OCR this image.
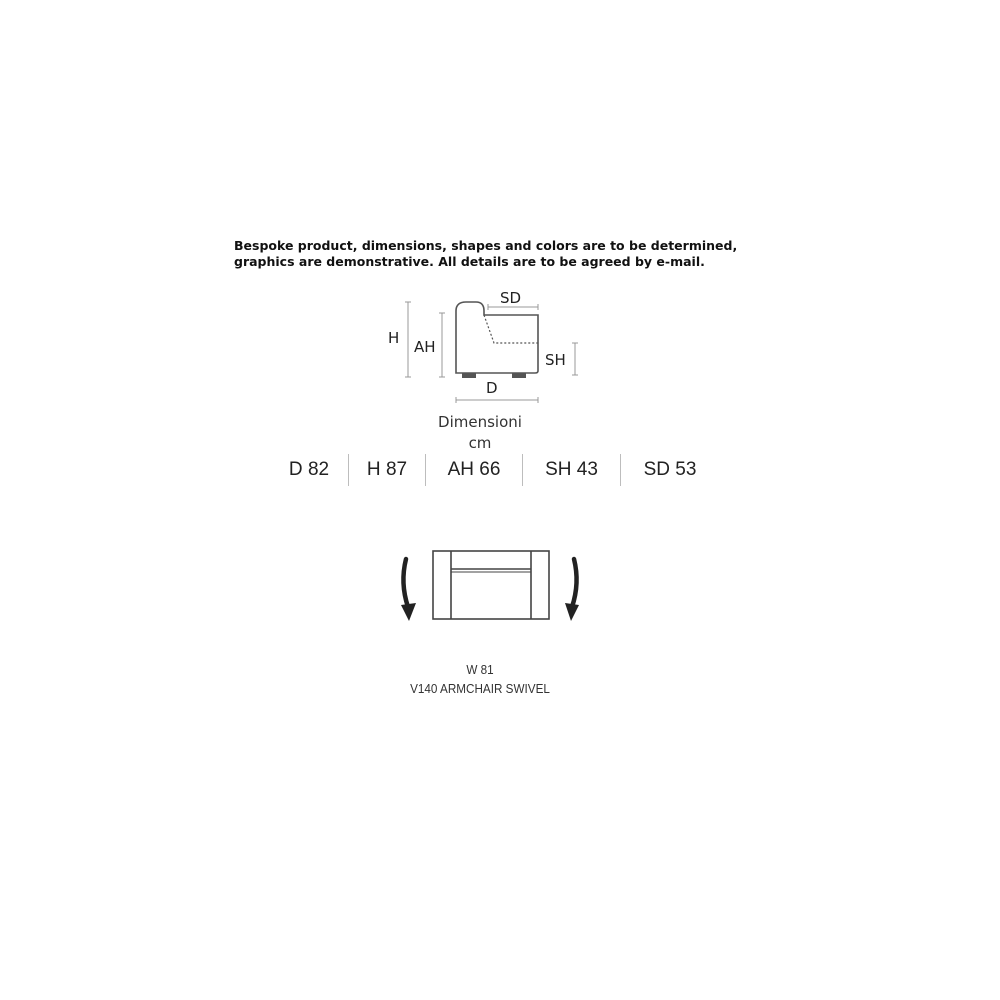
Bespoke product, dimensions, shapes and colors are to be determined,
graphics are demonstrative. All details are to be agreed by e-mail.
H AH
SD
SH
D
Dimensioni
cm
D 82	H 87	AH 66	SH 43	SD 53
W 81
V140 ARMCHAIR SWIVEL
